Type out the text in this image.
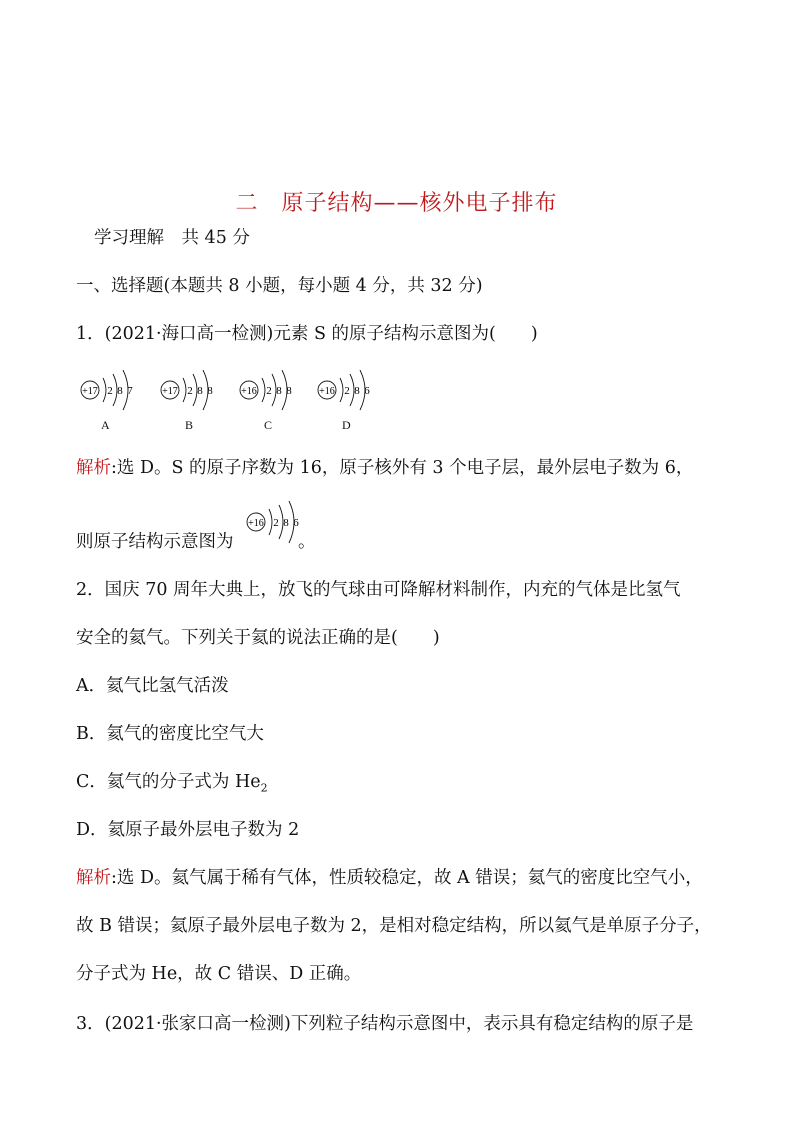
二　原子结构——核外电子排布
学习理解　共 45 分
一、选择题(本题共 8 小题，每小题 4 分，共 32 分)
1．(2021·海口高一检测)元素 S 的原子结构示意图为(　　)
+17 2 8 7
A
+17 2 8 8
B
+16 2 8 8
C
+16 2 8 6
D
解析:选 D。S 的原子序数为 16，原子核外有 3 个电子层，最外层电子数为 6，
则原子结构示意图为
+16 2 8 6
。
2．国庆 70 周年大典上，放飞的气球由可降解材料制作，内充的气体是比氢气
安全的氦气。下列关于氦的说法正确的是(　　)
A．氦气比氢气活泼
B．氦气的密度比空气大
C．氦气的分子式为 $He_2$
D．氦原子最外层电子数为 2
解析:选 D。氦气属于稀有气体，性质较稳定，故 A 错误；氦气的密度比空气小，
故 B 错误；氦原子最外层电子数为 2，是相对稳定结构，所以氦气是单原子分子，
分子式为 He，故 C 错误、D 正确。
3．(2021·张家口高一检测)下列粒子结构示意图中，表示具有稳定结构的原子是
